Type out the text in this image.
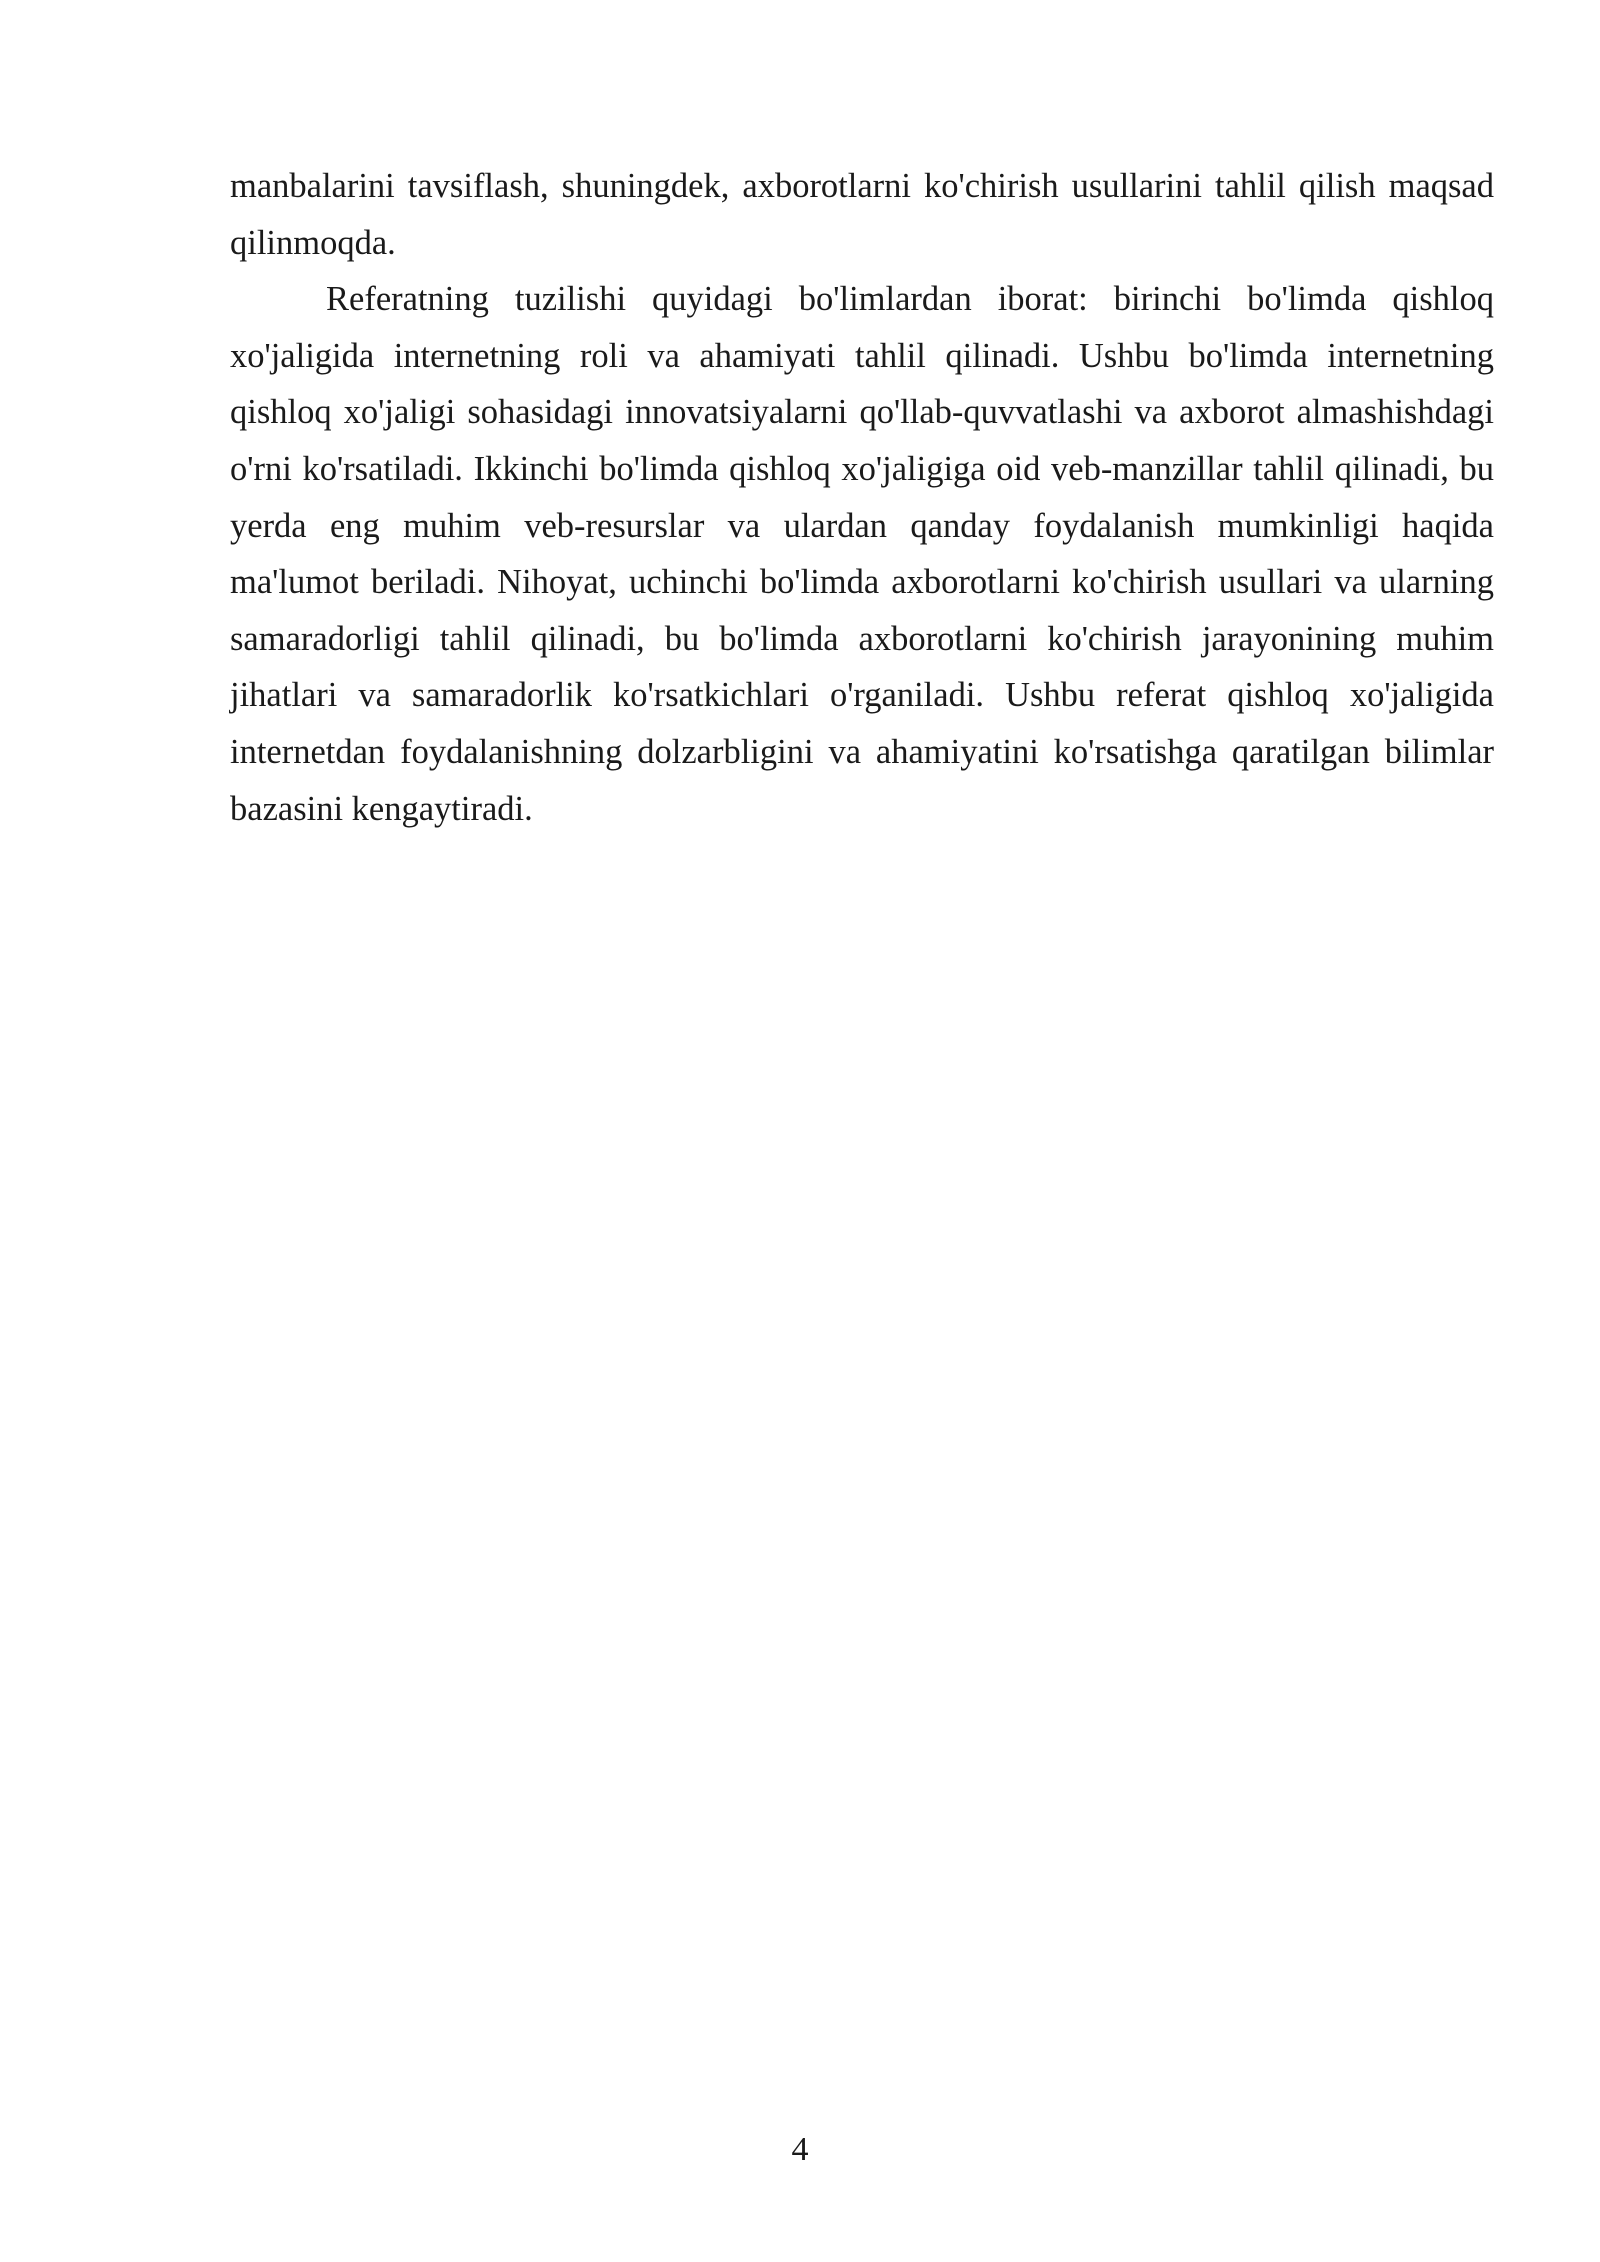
manbalarini tavsiflash, shuningdek, axborotlarni ko'chirish usullarini tahlil qilish maqsad qilinmoqda.

Referatning tuzilishi quyidagi bo'limlardan iborat: birinchi bo'limda qishloq xo'jaligida internetning roli va ahamiyati tahlil qilinadi. Ushbu bo'limda internetning qishloq xo'jaligi sohasidagi innovatsiyalarni qo'llab-quvvatlashi va axborot almashishdagi o'rni ko'rsatiladi. Ikkinchi bo'limda qishloq xo'jaligiga oid veb-manzillar tahlil qilinadi, bu yerda eng muhim veb-resurslar va ulardan qanday foydalanish mumkinligi haqida ma'lumot beriladi. Nihoyat, uchinchi bo'limda axborotlarni ko'chirish usullari va ularning samaradorligi tahlil qilinadi, bu bo'limda axborotlarni ko'chirish jarayonining muhim jihatlari va samaradorlik ko'rsatkichlari o'rganiladi. Ushbu referat qishloq xo'jaligida internetdan foydalanishning dolzarbligini va ahamiyatini ko'rsatishga qaratilgan bilimlar bazasini kengaytiradi.

4
